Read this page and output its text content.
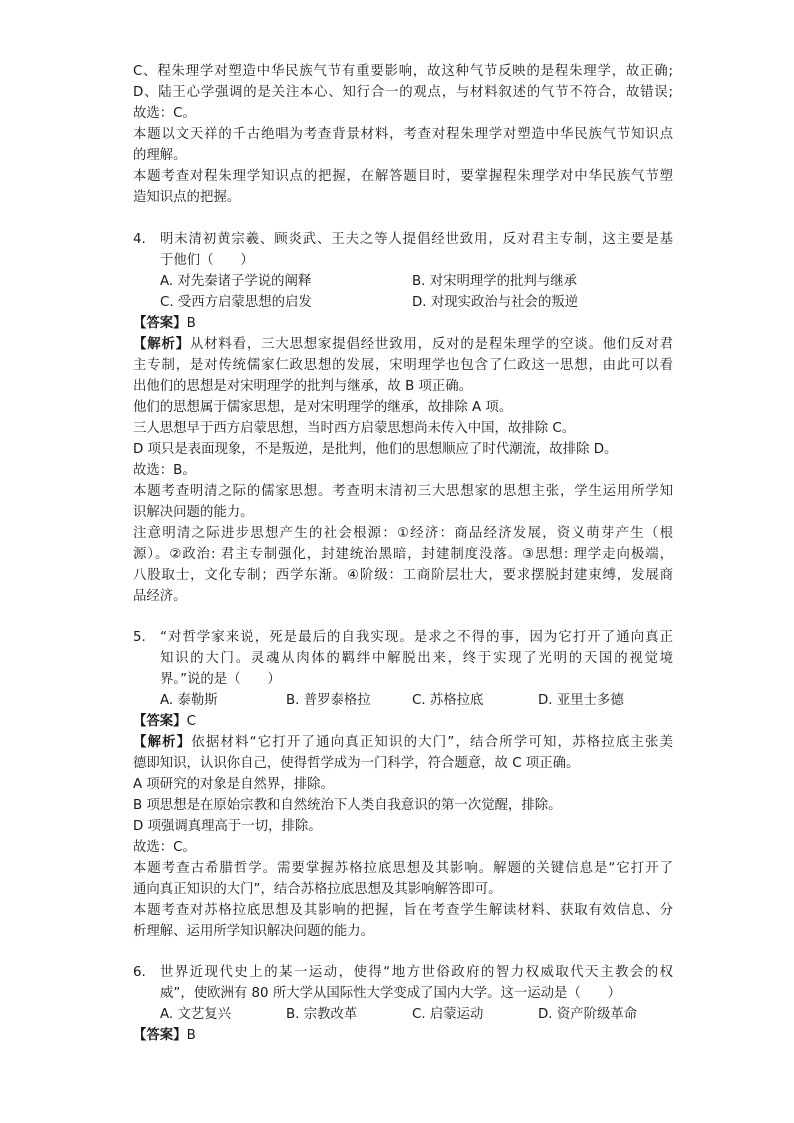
C、程朱理学对塑造中华民族气节有重要影响，故这种气节反映的是程朱理学，故正确;
D、陆王心学强调的是关注本心、知行合一的观点，与材料叙述的气节不符合，故错误;
故选：C。
本题以文天祥的千古绝唱为考查背景材料，考查对程朱理学对塑造中华民族气节知识点
的理解。
本题考查对程朱理学知识点的把握，在解答题目时，要掌握程朱理学对中华民族气节塑
造知识点的把握。
4. 明末清初黄宗羲、顾炎武、王夫之等人提倡经世致用，反对君主专制，这主要是基
于他们（　　）
A. 对先秦诸子学说的阐释	B. 对宋明理学的批判与继承
C. 受西方启蒙思想的启发	D. 对现实政治与社会的叛逆
【答案】B
【解析】从材料看，三大思想家提倡经世致用，反对的是程朱理学的空谈。他们反对君
主专制，是对传统儒家仁政思想的发展，宋明理学也包含了仁政这一思想，由此可以看
出他们的思想是对宋明理学的批判与继承，故 B 项正确。
他们的思想属于儒家思想，是对宋明理学的继承，故排除 A 项。
三人思想早于西方启蒙思想，当时西方启蒙思想尚未传入中国，故排除 C。
D 项只是表面现象，不是叛逆，是批判，他们的思想顺应了时代潮流，故排除 D。
故选：B。
本题考查明清之际的儒家思想。考查明末清初三大思想家的思想主张，学生运用所学知
识解决问题的能力。
注意明清之际进步思想产生的社会根源：①经济：商品经济发展，资义萌芽产生（根
源）。②政治: 君主专制强化，封建统治黑暗，封建制度没落。③思想: 理学走向极端，
八股取士，文化专制；西学东渐。④阶级：工商阶层壮大，要求摆脱封建束缚，发展商
品经济。
5. “对哲学家来说，死是最后的自我实现。是求之不得的事，因为它打开了通向真正
知识的大门。灵魂从肉体的羁绊中解脱出来，终于实现了光明的天国的视觉境
界。”说的是（　　）
A. 泰勒斯	B. 普罗泰格拉	C. 苏格拉底	D. 亚里士多德
【答案】C
【解析】依据材料“它打开了通向真正知识的大门”，结合所学可知，苏格拉底主张美
德即知识，认识你自己，使得哲学成为一门科学，符合题意，故 C 项正确。
A 项研究的对象是自然界，排除。
B 项思想是在原始宗教和自然统治下人类自我意识的第一次觉醒，排除。
D 项强调真理高于一切，排除。
故选：C。
本题考查古希腊哲学。需要掌握苏格拉底思想及其影响。解题的关键信息是“它打开了
通向真正知识的大门”，结合苏格拉底思想及其影响解答即可。
本题考查对苏格拉底思想及其影响的把握，旨在考查学生解读材料、获取有效信息、分
析理解、运用所学知识解决问题的能力。
6. 世界近现代史上的某一运动，使得“地方世俗政府的智力权威取代天主教会的权
威”，使欧洲有 80 所大学从国际性大学变成了国内大学。这一运动是（　　）
A. 文艺复兴	B. 宗教改革	C. 启蒙运动	D. 资产阶级革命
【答案】B
